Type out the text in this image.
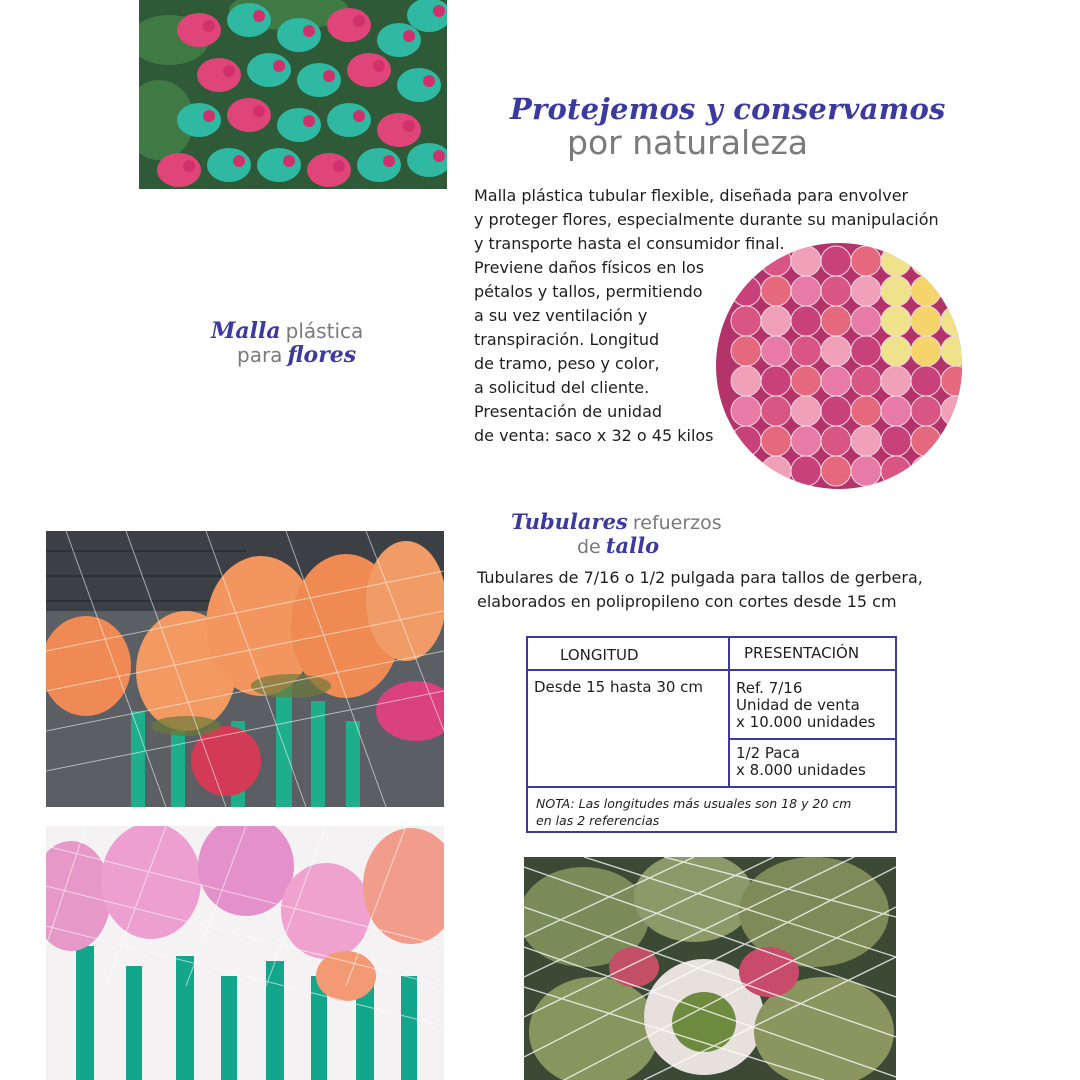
Protejemos y conservamos
por naturaleza

Malla plástica tubular flexible, diseñada para envolver

y proteger flores, especialmente durante su manipulación

y transporte hasta el consumidor final.

Previene daños físicos en los

pétalos y tallos, permitiendo

a su vez ventilación y

transpiración. Longitud

de tramo, peso y color,

a solicitud del cliente.

Presentación de unidad

de venta: saco x 32 o 45 kilos

Malla plástica
para flores
Tubulares refuerzos
de tallo

Tubulares de 7/16 o 1/2 pulgada para tallos de gerbera,

elaborados en polipropileno con cortes desde 15 cm

LONGITUD	PRESENTACIÓN
Desde 15 hasta 30 cm Ref. 7/16
Unidad de venta
x 10.000 unidades
1/2 Paca
x 8.000 unidades
NOTA: Las longitudes más usuales son 18 y 20 cm
en las 2 referencias
